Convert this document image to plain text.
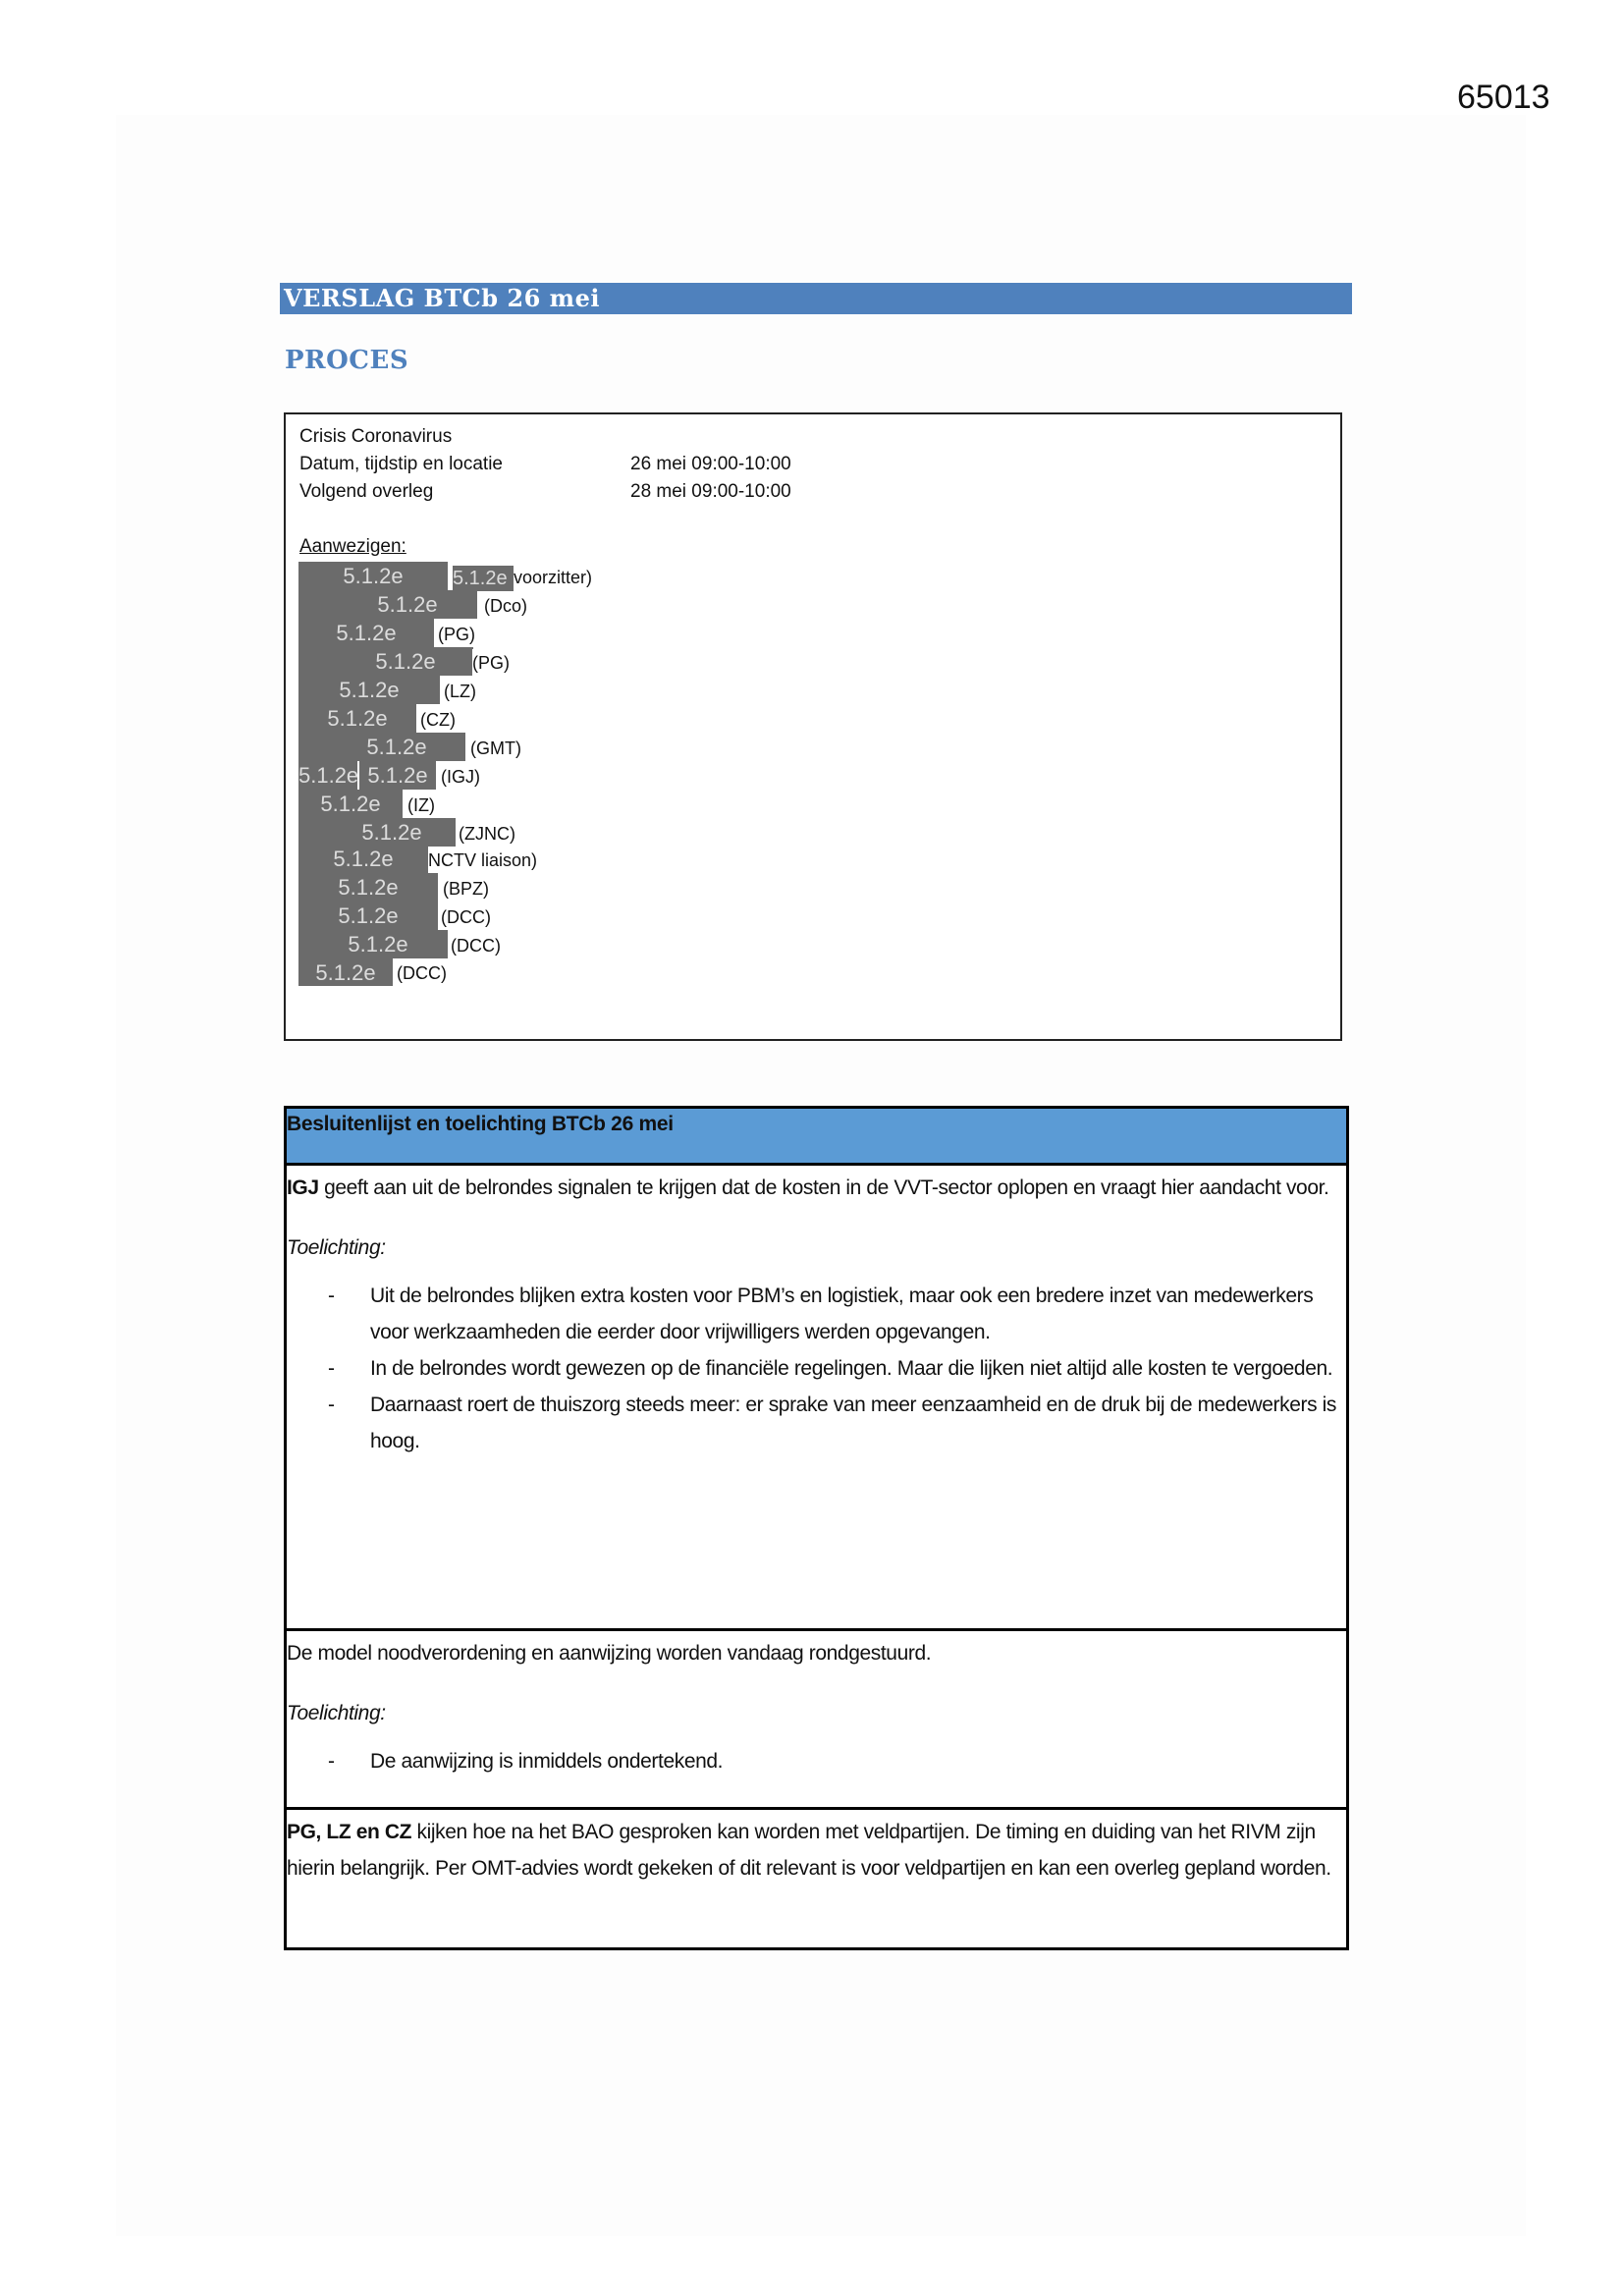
65013
VERSLAG BTCb 26 mei
PROCES
Crisis Coronavirus
Datum, tijdstip en locatie	26 mei 09:00-10:00
Volgend overleg	28 mei 09:00-10:00
Aanwezigen:
5.1.2e	5.1.2e voorzitter)
5.1.2e	(Dco)
5.1.2e	(PG)
5.1.2e	(PG)
5.1.2e	(LZ)
5.1.2e	(CZ)
5.1.2e	(GMT)
5.1.2e 5.1.2e (IGJ)
5.1.2e	(IZ)
5.1.2e	(ZJNC)
5.1.2e	NCTV liaison)
5.1.2e	(BPZ)
5.1.2e	(DCC)
5.1.2e	(DCC)
5.1.2e	(DCC)
Besluitenlijst en toelichting BTCb 26 mei

IGJ geeft aan uit de belrondes signalen te krijgen dat de kosten in de VVT-sector oplopen en vraagt hier aandacht voor.

Toelichting:

- Uit de belrondes blijken extra kosten voor PBM’s en logistiek, maar ook een bredere inzet van medewerkers voor werkzaamheden die eerder door vrijwilligers werden opgevangen.
- In de belrondes wordt gewezen op de financiële regelingen. Maar die lijken niet altijd alle kosten te vergoeden.
- Daarnaast roert de thuiszorg steeds meer: er sprake van meer eenzaamheid en de druk bij de medewerkers is hoog.

De model noodverordening en aanwijzing worden vandaag rondgestuurd.

Toelichting:

- De aanwijzing is inmiddels ondertekend.

PG, LZ en CZ kijken hoe na het BAO gesproken kan worden met veldpartijen. De timing en duiding van het RIVM zijn hierin belangrijk. Per OMT-advies wordt gekeken of dit relevant is voor veldpartijen en kan een overleg gepland worden.
